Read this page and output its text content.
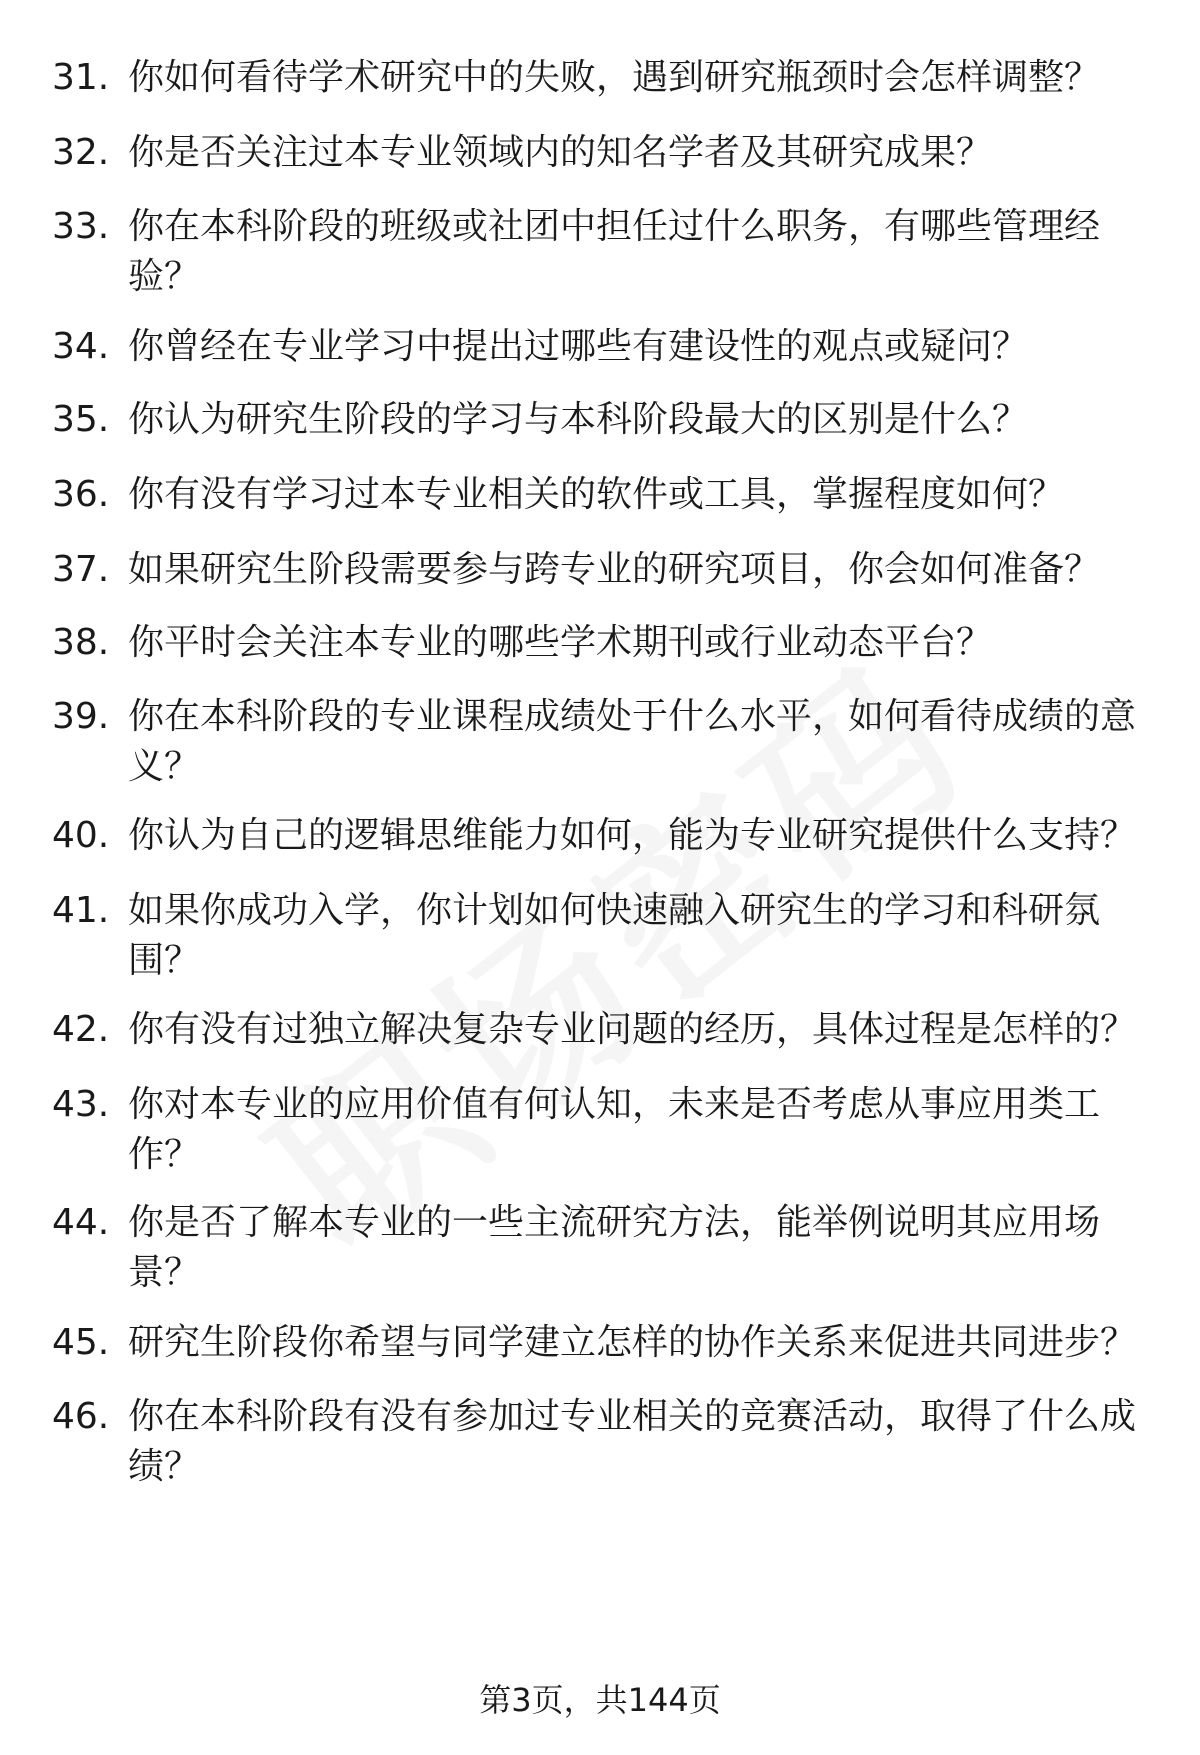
31. 你如何看待学术研究中的失败，遇到研究瓶颈时会怎样调整？
32. 你是否关注过本专业领域内的知名学者及其研究成果？
33. 你在本科阶段的班级或社团中担任过什么职务，有哪些管理经验？
34. 你曾经在专业学习中提出过哪些有建设性的观点或疑问？
35. 你认为研究生阶段的学习与本科阶段最大的区别是什么？
36. 你有没有学习过本专业相关的软件或工具，掌握程度如何？
37. 如果研究生阶段需要参与跨专业的研究项目，你会如何准备？
38. 你平时会关注本专业的哪些学术期刊或行业动态平台？
39. 你在本科阶段的专业课程成绩处于什么水平，如何看待成绩的意义？
40. 你认为自己的逻辑思维能力如何，能为专业研究提供什么支持？
41. 如果你成功入学，你计划如何快速融入研究生的学习和科研氛围？
42. 你有没有过独立解决复杂专业问题的经历，具体过程是怎样的？
43. 你对本专业的应用价值有何认知，未来是否考虑从事应用类工作？
44. 你是否了解本专业的一些主流研究方法，能举例说明其应用场景？
45. 研究生阶段你希望与同学建立怎样的协作关系来促进共同进步？
46. 你在本科阶段有没有参加过专业相关的竞赛活动，取得了什么成绩？
第3页，共144页
